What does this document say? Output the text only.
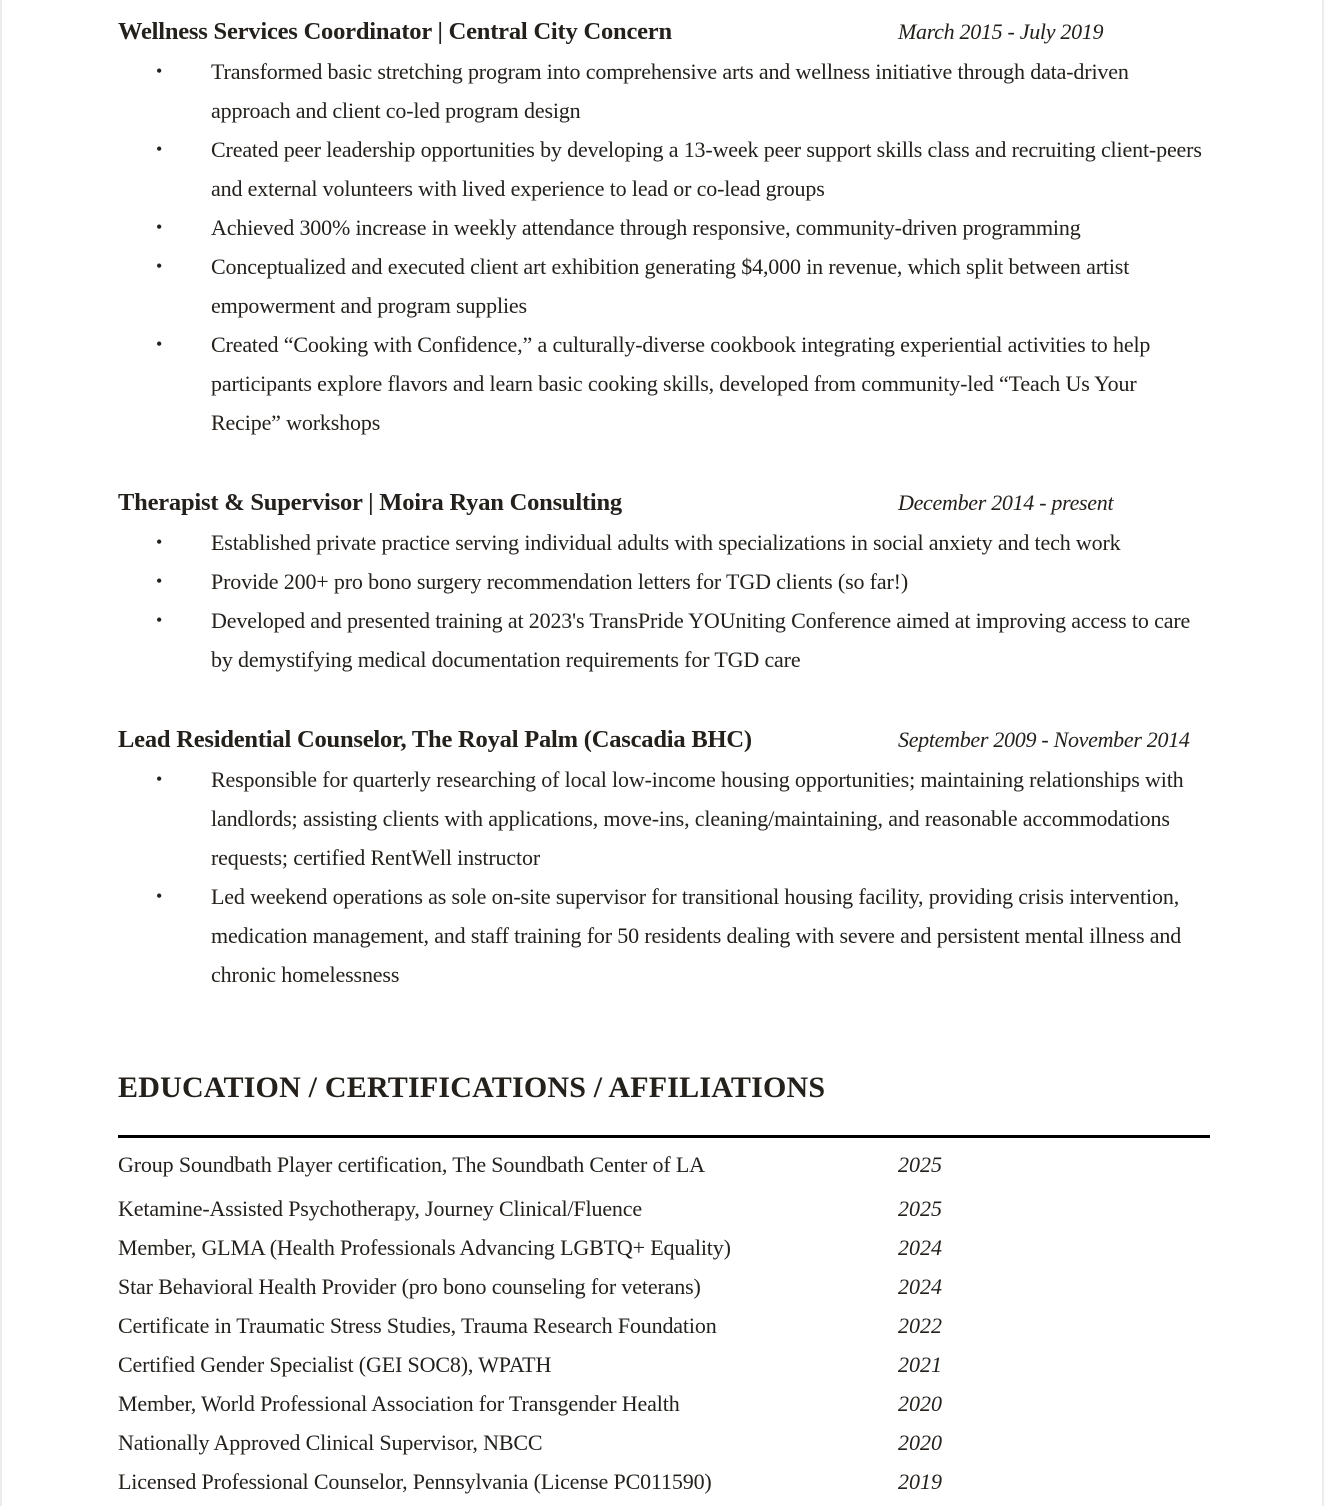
Wellness Services Coordinator | Central City Concern	March 2015 - July 2019
• Transformed basic stretching program into comprehensive arts and wellness initiative through data-driven approach and client co-led program design
• Created peer leadership opportunities by developing a 13-week peer support skills class and recruiting client-peers and external volunteers with lived experience to lead or co-lead groups
• Achieved 300% increase in weekly attendance through responsive, community-driven programming
• Conceptualized and executed client art exhibition generating $4,000 in revenue, which split between artist empowerment and program supplies
• Created “Cooking with Confidence,” a culturally-diverse cookbook integrating experiential activities to help participants explore flavors and learn basic cooking skills, developed from community-led “Teach Us Your Recipe” workshops
Therapist & Supervisor | Moira Ryan Consulting	December 2014 - present
• Established private practice serving individual adults with specializations in social anxiety and tech work
• Provide 200+ pro bono surgery recommendation letters for TGD clients (so far!)
• Developed and presented training at 2023's TransPride YOUniting Conference aimed at improving access to care by demystifying medical documentation requirements for TGD care
Lead Residential Counselor, The Royal Palm (Cascadia BHC)	September 2009 - November 2014
• Responsible for quarterly researching of local low-income housing opportunities; maintaining relationships with landlords; assisting clients with applications, move-ins, cleaning/maintaining, and reasonable accommodations requests; certified RentWell instructor
• Led weekend operations as sole on-site supervisor for transitional housing facility, providing crisis intervention, medication management, and staff training for 50 residents dealing with severe and persistent mental illness and chronic homelessness
EDUCATION / CERTIFICATIONS / AFFILIATIONS
Group Soundbath Player certification, The Soundbath Center of LA	2025
Ketamine-Assisted Psychotherapy, Journey Clinical/Fluence	2025
Member, GLMA (Health Professionals Advancing LGBTQ+ Equality)	2024
Star Behavioral Health Provider (pro bono counseling for veterans)	2024
Certificate in Traumatic Stress Studies, Trauma Research Foundation	2022
Certified Gender Specialist (GEI SOC8), WPATH	2021
Member, World Professional Association for Transgender Health	2020
Nationally Approved Clinical Supervisor, NBCC	2020
Licensed Professional Counselor, Pennsylvania (License PC011590)	2019
